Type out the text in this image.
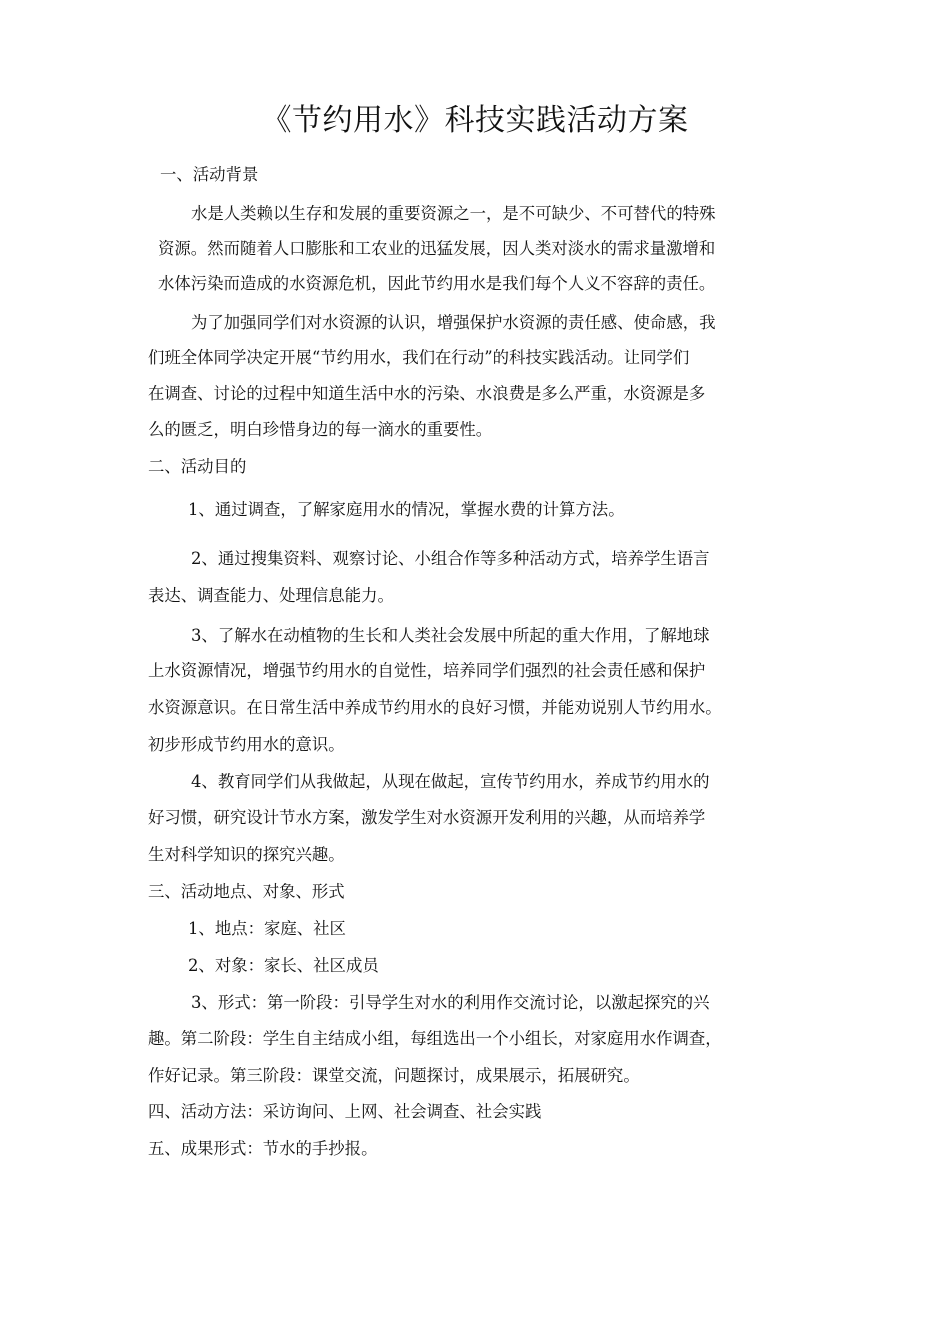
《节约用水》科技实践活动方案
一、活动背景
水是人类赖以生存和发展的重要资源之一，是不可缺少、不可替代的特殊
资源。然而随着人口膨胀和工农业的迅猛发展，因人类对淡水的需求量激增和
水体污染而造成的水资源危机，因此节约用水是我们每个人义不容辞的责任。
为了加强同学们对水资源的认识，增强保护水资源的责任感、使命感，我
们班全体同学决定开展“节约用水，我们在行动”的科技实践活动。让同学们
在调查、讨论的过程中知道生活中水的污染、水浪费是多么严重，水资源是多
么的匮乏，明白珍惜身边的每一滴水的重要性。
二、活动目的
1、通过调查，了解家庭用水的情况，掌握水费的计算方法。
2、通过搜集资料、观察讨论、小组合作等多种活动方式，培养学生语言
表达、调查能力、处理信息能力。
3、了解水在动植物的生长和人类社会发展中所起的重大作用，了解地球
上水资源情况，增强节约用水的自觉性，培养同学们强烈的社会责任感和保护
水资源意识。在日常生活中养成节约用水的良好习惯，并能劝说别人节约用水。
初步形成节约用水的意识。
4、教育同学们从我做起，从现在做起，宣传节约用水，养成节约用水的
好习惯，研究设计节水方案，激发学生对水资源开发利用的兴趣，从而培养学
生对科学知识的探究兴趣。
三、活动地点、对象、形式
1、地点：家庭、社区
2、对象：家长、社区成员
3、形式：第一阶段：引导学生对水的利用作交流讨论，以激起探究的兴
趣。第二阶段：学生自主结成小组，每组选出一个小组长，对家庭用水作调查，
作好记录。第三阶段：课堂交流，问题探讨，成果展示，拓展研究。
四、活动方法：采访询问、上网、社会调查、社会实践
五、成果形式：节水的手抄报。
